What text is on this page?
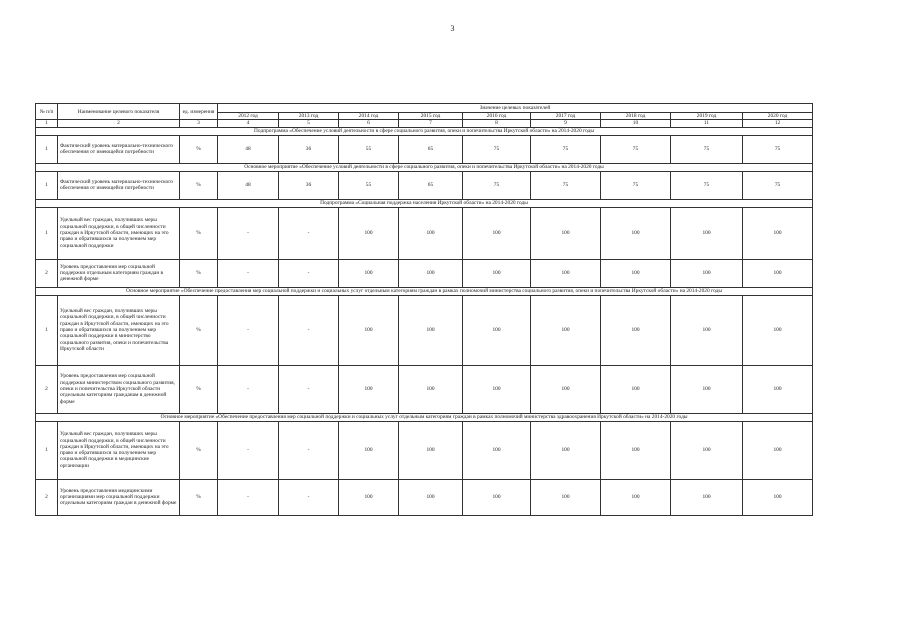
3
№ п/п	Наименование целевого показателя	ед. измерения	Значение целевых показателей								
			2012 год	2013 год	2014 год	2015 год	2016 год	2017 год	2018 год	2019 год	2020 год
1	2	3	4	5	6	7	8	9	10	11	12
Подпрограмма «Обеспечение условий деятельности в сфере социального развития, опеки и попечительства Иркутской области» на 2014-2020 годы											
1	Фактический уровень материально-технического обеспечения от имеющейся потребности	%	48	36	55	65	75	75	75	75	75
Основное мероприятие «Обеспечение условий деятельности в сфере социального развития, опеки и попечительства Иркутской области» на 2014-2020 годы											
1	Фактический уровень материально-технического обеспечения от имеющейся потребности	%	48	36	55	65	75	75	75	75	75
Подпрограмма «Социальная поддержка населения Иркутской области» на 2014-2020 годы											
1	Удельный вес граждан, получивших меры социальной поддержки, в общей численности граждан в Иркутской области, имеющих на это право и обратившихся за получением мер социальной поддержки	%	-	-	100	100	100	100	100	100	100
2	Уровень предоставления мер социальной поддержки отдельным категориям граждан в денежной форме	%	-	-	100	100	100	100	100	100	100
Основное мероприятие «Обеспечение предоставления мер социальной поддержки и социальных услуг отдельным категориям граждан в рамках полномочий министерства социального развития, опеки и попечительства Иркутской области» на 2014-2020 годы											
1	Удельный вес граждан, получивших меры социальной поддержки, в общей численности граждан в Иркутской области, имеющих на это право и обратившихся за получением мер социальной поддержки в министерство социального развития, опеки и попечительства Иркутской области	%	-	-	100	100	100	100	100	100	100
2	Уровень предоставления мер социальной поддержки министерством социального развития, опеки и попечительства Иркутской области отдельным категориям гражданам в денежной форме	%	-	-	100	100	100	100	100	100	100
Основное мероприятие «Обеспечение предоставления мер социальной поддержки и социальных услуг отдельным категориям граждан в рамках полномочий министерства здравоохранения Иркутской области» на 2014-2020 годы											
1	Удельный вес граждан, получивших меры социальной поддержки, в общей численности граждан в Иркутской области, имеющих на это право и обратившихся за получением мер социальной поддержки в медицинские организации	%	-	-	100	100	100	100	100	100	100
2	Уровень предоставления медицинскими организациями мер социальной поддержки отдельным категориям граждан в денежной форме	%	-	-	100	100	100	100	100	100	100
